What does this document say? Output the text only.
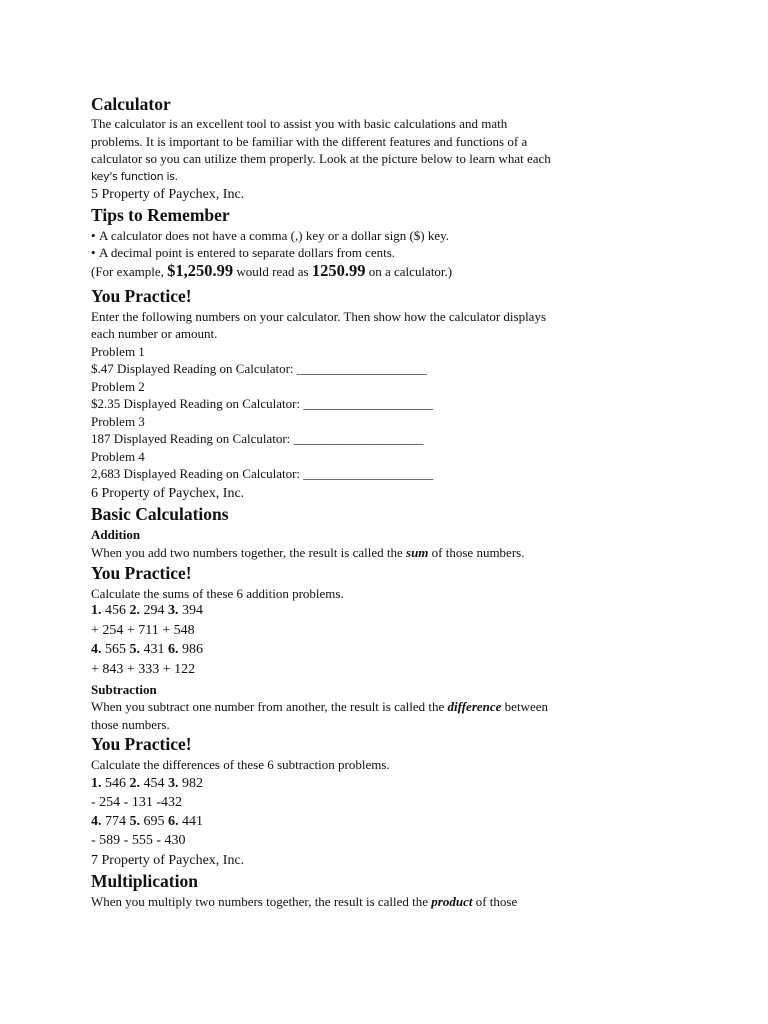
Calculator
The calculator is an excellent tool to assist you with basic calculations and math
problems. It is important to be familiar with the different features and functions of a
calculator so you can utilize them properly. Look at the picture below to learn what each
key's function is.
5 Property of Paychex, Inc.
Tips to Remember
• A calculator does not have a comma (,) key or a dollar sign ($) key.
• A decimal point is entered to separate dollars from cents.
(For example, $1,250.99 would read as 1250.99 on a calculator.)
You Practice!
Enter the following numbers on your calculator. Then show how the calculator displays
each number or amount.
Problem 1
$.47 Displayed Reading on Calculator: ____________________
Problem 2
$2.35 Displayed Reading on Calculator: ____________________
Problem 3
187 Displayed Reading on Calculator: ____________________
Problem 4
2,683 Displayed Reading on Calculator: ____________________
6 Property of Paychex, Inc.
Basic Calculations
Addition
When you add two numbers together, the result is called the sum of those numbers.
You Practice!
Calculate the sums of these 6 addition problems.
1. 456 2. 294 3. 394
+ 254 + 711 + 548
4. 565 5. 431 6. 986
+ 843 + 333 + 122
Subtraction
When you subtract one number from another, the result is called the difference between
those numbers.
You Practice!
Calculate the differences of these 6 subtraction problems.
1. 546 2. 454 3. 982
- 254 - 131 -432
4. 774 5. 695 6. 441
- 589 - 555 - 430
7 Property of Paychex, Inc.
Multiplication
When you multiply two numbers together, the result is called the product of those
